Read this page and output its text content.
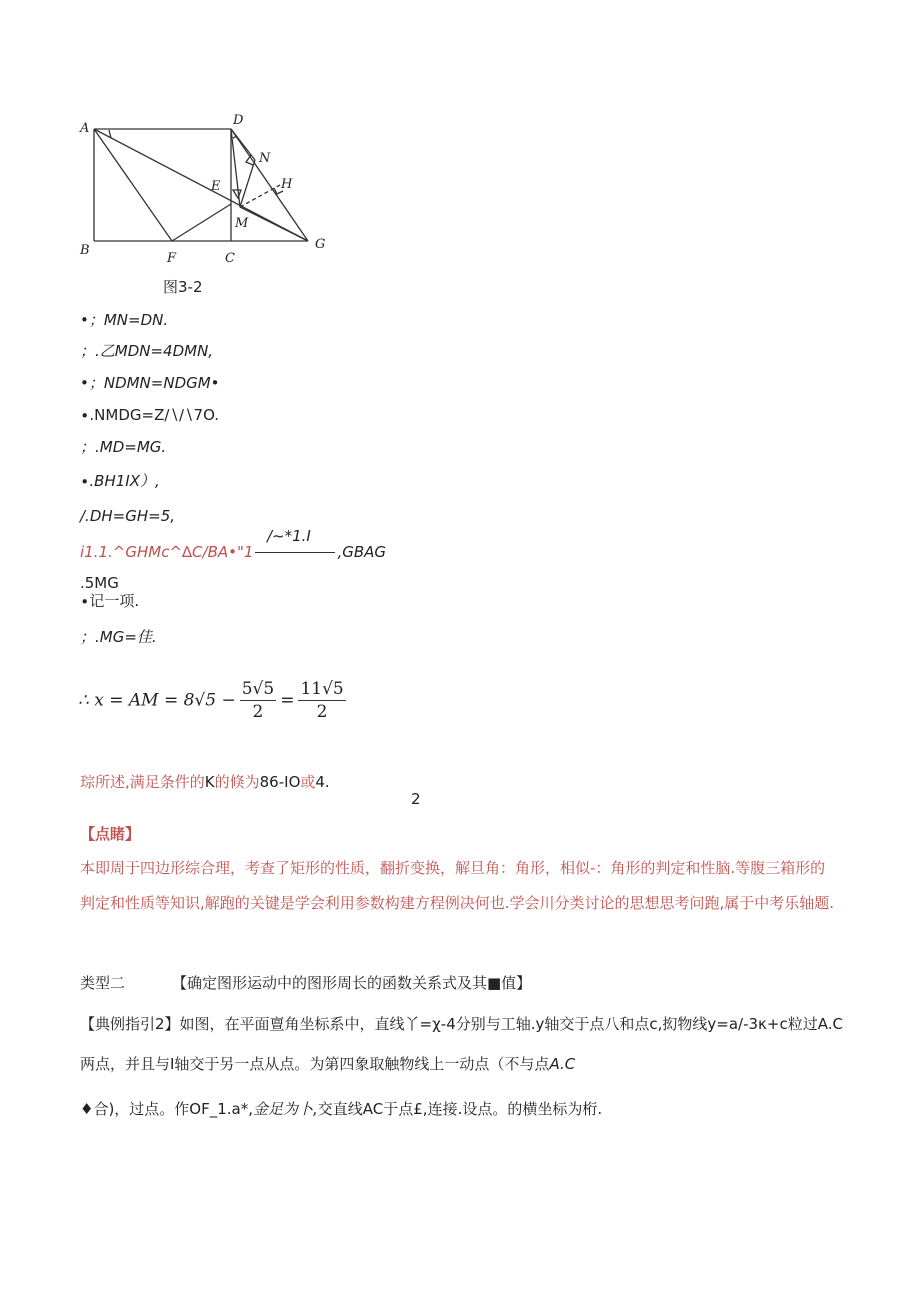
A
B
C
D
E
F
G
H
M
N
图3-2
•；MN=DN.
；.乙MDN=4DMN,
•；NDMN=NDGM•
∙.NMDG=Z∕∖∕∖7O.
；.MD=MG.
∙.BH1IX）,
/.DH=GH=5,
i1.1.^GHMc^∆C∕BA•"1	,GBAG
/~*1.I
.5MG
∙记一项.
；.MG=佳.
∴ x = AM = $8√5 - \frac{5√5}{2} = \frac{11√5}{2}$
琮所述,满足条件的K的倏为86-IO或4.
2
【点睹】
本即周于四边形综合理，考查了矩形的性质，翻折变换，解旦角：角形，相似-：角形的判定和性脑.等腹三箱形的判定和性质等知识,解跑的关键是学会利用参数构建方程例决何也.学会川分类讨论的思想思考问跑,属于中考乐轴题.
类型二	【确定图形运动中的图形周长的函数关系式及其■值】
【典例指引2】如图，在平面亶角坐标系中，直线丫=χ-4分别与工轴.y轴交于点八和点c,抝物线y=a/-3κ+c粒过A.C
两点，并且与I轴交于另一点从点。为第四象取触物线上一动点（不与点A.C
♦合)，过点。作OF_1.a*,金足为卜,交直线AC于点£,连接.设点。的横坐标为桁.
